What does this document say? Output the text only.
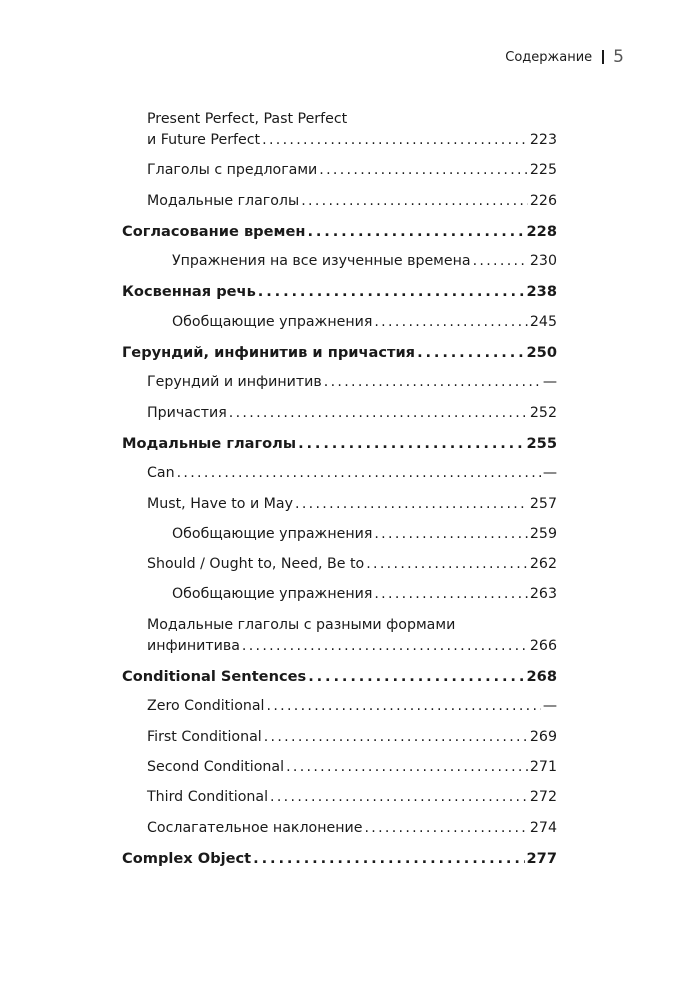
Содержание 5
Present Perfect, Past Perfect
и Future Perfect . . .	223
Глаголы с предлогами . . .	225
Модальные глаголы . . .	226
Согласование времен . . .	228
Упражнения на все изученные времена . . .	230
Косвенная речь . . .	238
Обобщающие упражнения . . .	245
Герундий, инфинитив и причастия . . .	250
Герундий и инфинитив . . .	—
Причастия . . .	252
Модальные глаголы . . .	255
Can . . .	—
Must, Have to и May . . .	257
Обобщающие упражнения . . .	259
Should / Ought to, Need, Be to . . .	262
Обобщающие упражнения . . .	263
Модальные глаголы с разными формами
инфинитива . . .	266
Conditional Sentences . . .	268
Zero Conditional . . .	—
First Conditional . . .	269
Second Conditional . . .	271
Third Conditional . . .	272
Сослагательное наклонение . . .	274
Complex Object . . .	277
